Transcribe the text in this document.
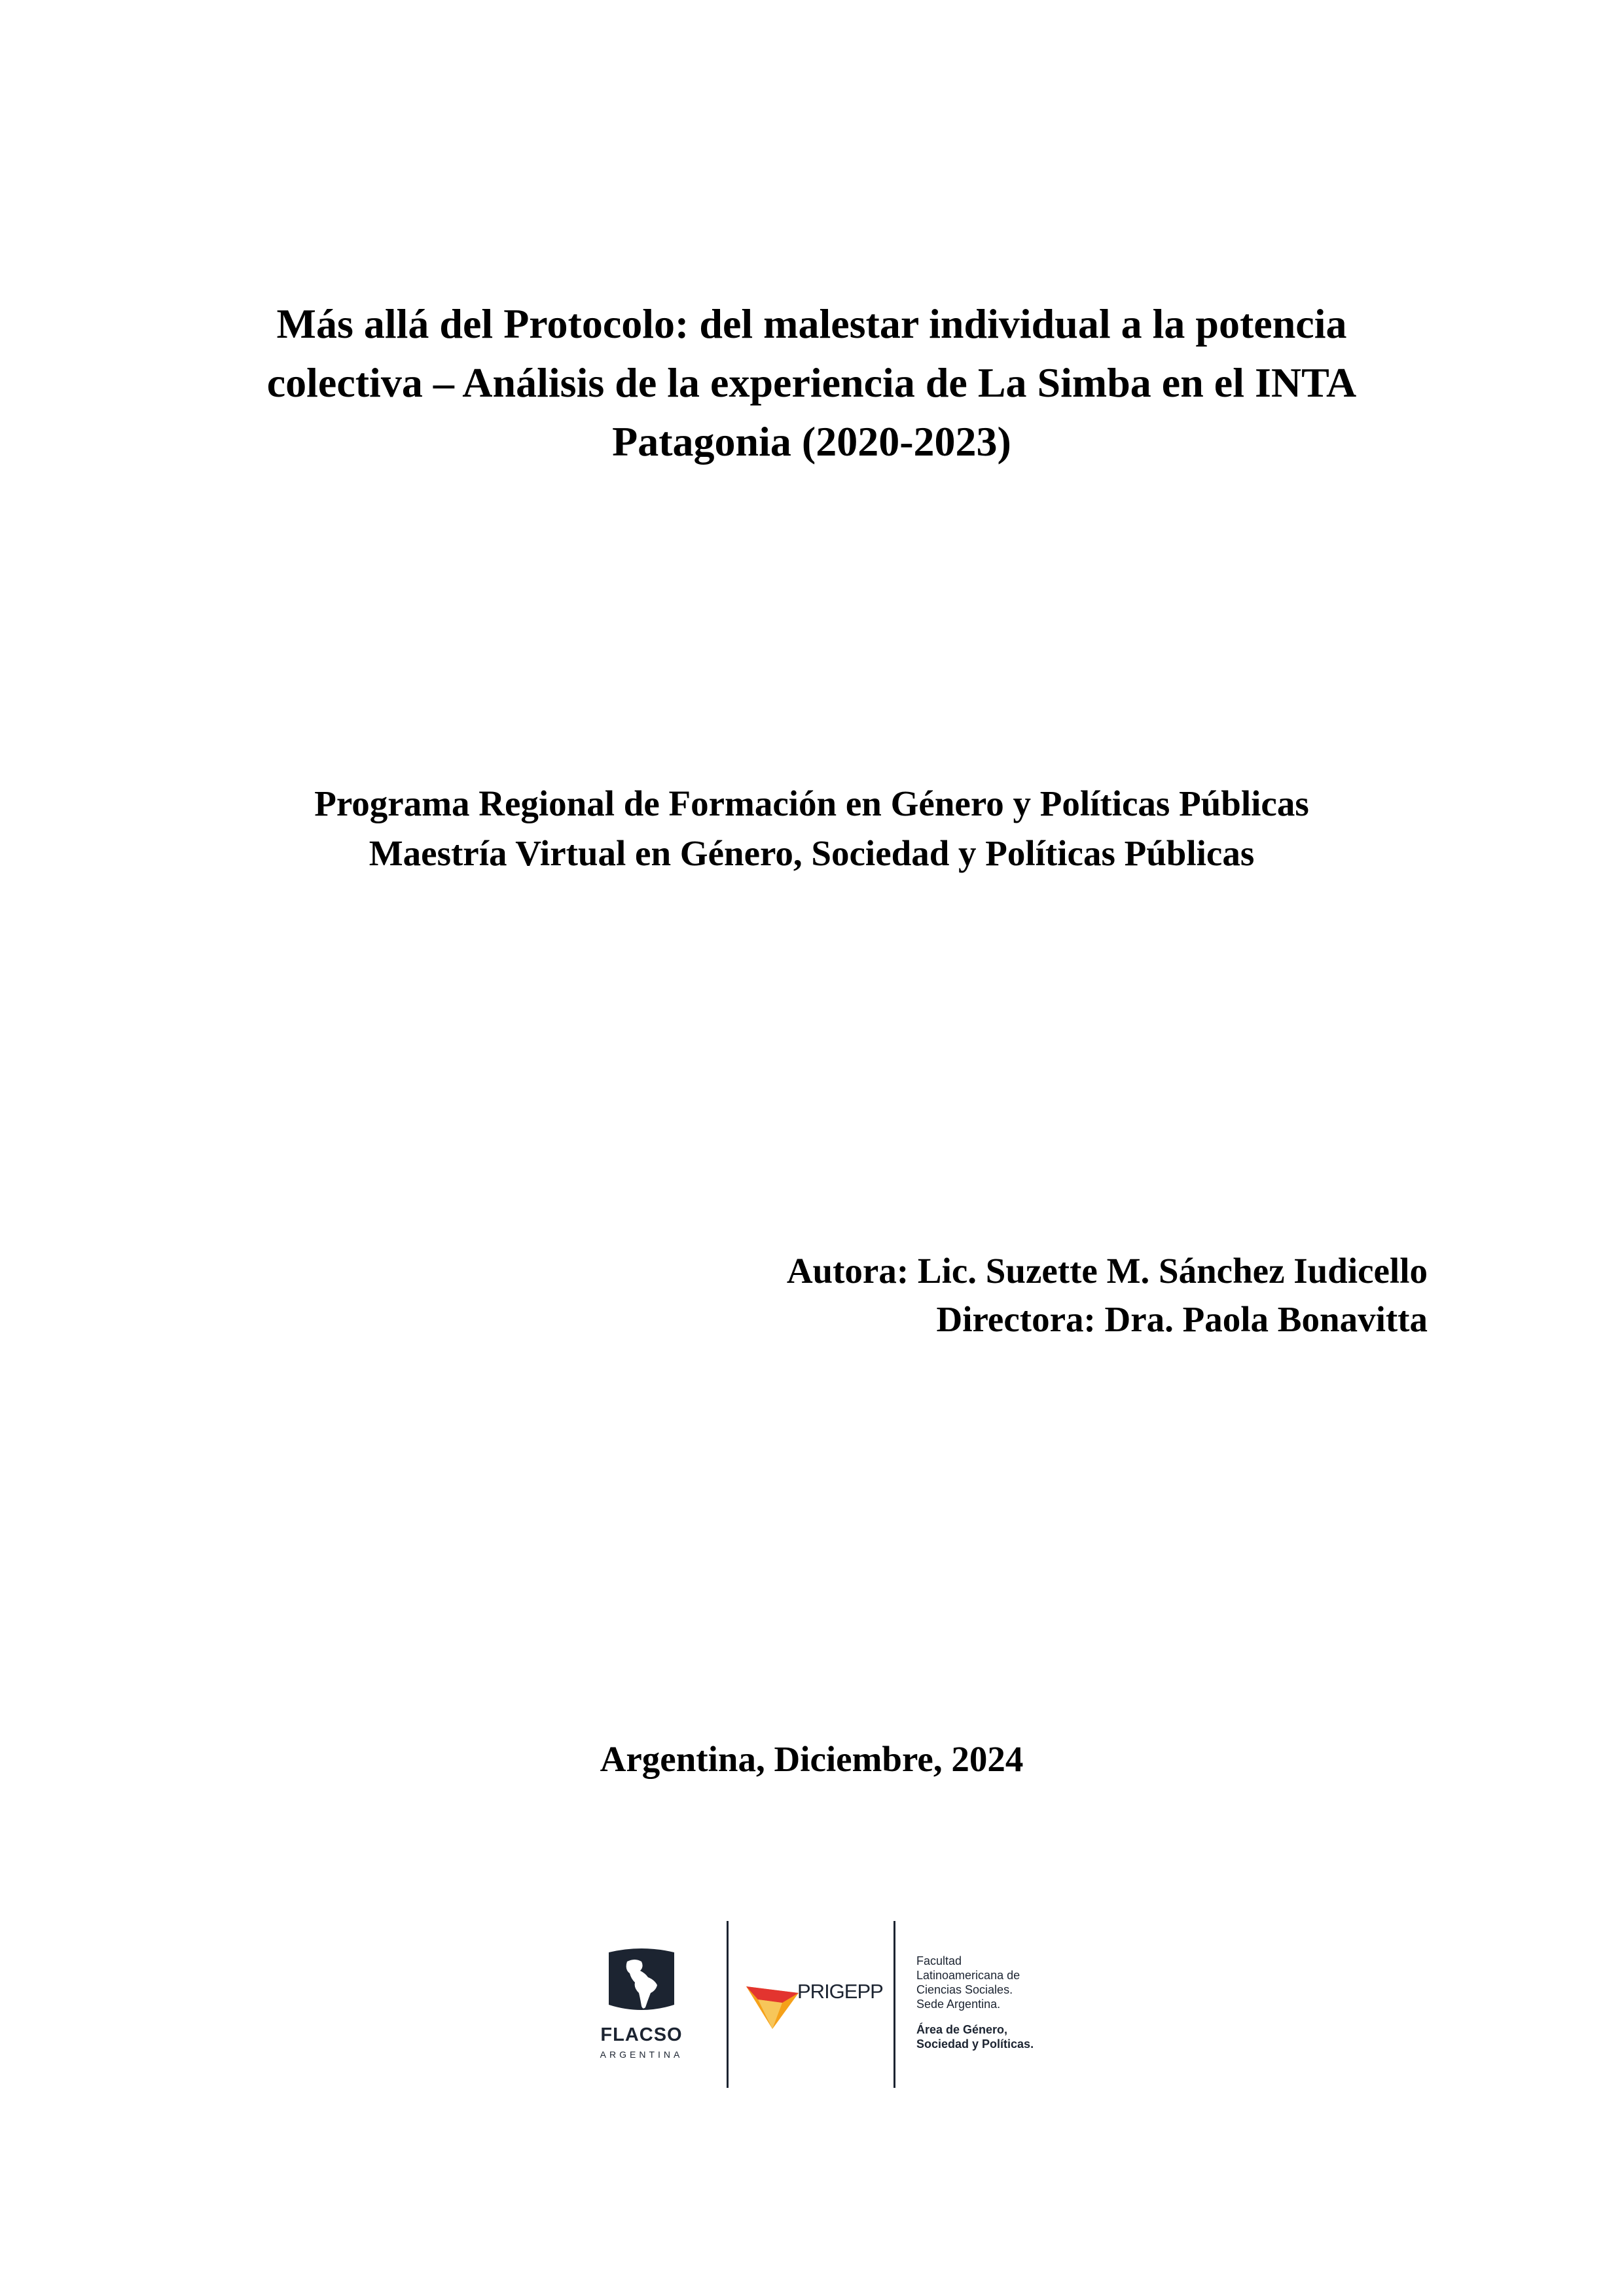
Más allá del Protocolo: del malestar individual a la potencia
colectiva – Análisis de la experiencia de La Simba en el INTA
Patagonia (2020-2023)
Programa Regional de Formación en Género y Políticas Públicas
Maestría Virtual en Género, Sociedad y Políticas Públicas
Autora: Lic. Suzette M. Sánchez Iudicello
Directora: Dra. Paola Bonavitta
Argentina, Diciembre, 2024
FLACSO
ARGENTINA
PRIGEPP
Facultad
Latinoamericana de
Ciencias Sociales.
Sede Argentina.
Área de Género,
Sociedad y Políticas.
